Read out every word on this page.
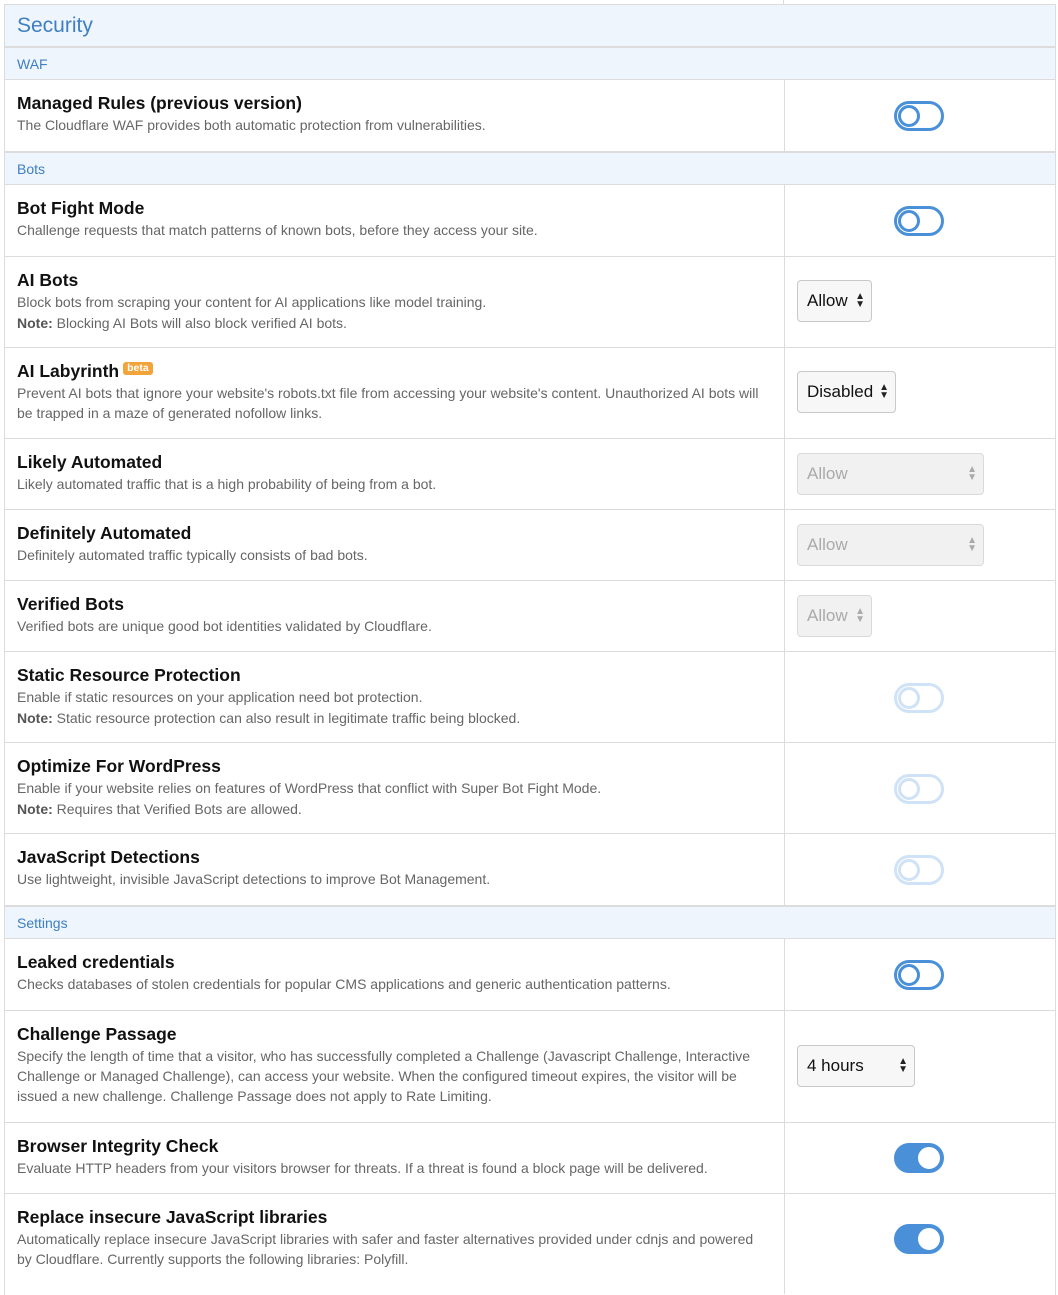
Security
WAF
Managed Rules (previous version)
The Cloudflare WAF provides both automatic protection from vulnerabilities.
Bots
Bot Fight Mode
Challenge requests that match patterns of known bots, before they access your site.
AI Bots
Block bots from scraping your content for AI applications like model training.
Note: Blocking AI Bots will also block verified AI bots.
Allow ▲
▼
AI Labyrinth beta
Prevent AI bots that ignore your website's robots.txt file from accessing your website's content. Unauthorized AI bots will be trapped in a maze of generated nofollow links.
Disabled ▲
▼
Likely Automated
Likely automated traffic that is a high probability of being from a bot.
Allow	▲
▼
Definitely Automated
Definitely automated traffic typically consists of bad bots.
Allow	▲
▼
Verified Bots
Verified bots are unique good bot identities validated by Cloudflare.
Allow ▲
▼
Static Resource Protection
Enable if static resources on your application need bot protection.
Note: Static resource protection can also result in legitimate traffic being blocked.
Optimize For WordPress
Enable if your website relies on features of WordPress that conflict with Super Bot Fight Mode.
Note: Requires that Verified Bots are allowed.
JavaScript Detections
Use lightweight, invisible JavaScript detections to improve Bot Management.
Settings
Leaked credentials
Checks databases of stolen credentials for popular CMS applications and generic authentication patterns.
Challenge Passage
Specify the length of time that a visitor, who has successfully completed a Challenge (Javascript Challenge, Interactive Challenge or Managed Challenge), can access your website. When the configured timeout expires, the visitor will be issued a new challenge. Challenge Passage does not apply to Rate Limiting.
4 hours	▲
▼
Browser Integrity Check
Evaluate HTTP headers from your visitors browser for threats. If a threat is found a block page will be delivered.
Replace insecure JavaScript libraries
Automatically replace insecure JavaScript libraries with safer and faster alternatives provided under cdnjs and powered by Cloudflare. Currently supports the following libraries: Polyfill.
